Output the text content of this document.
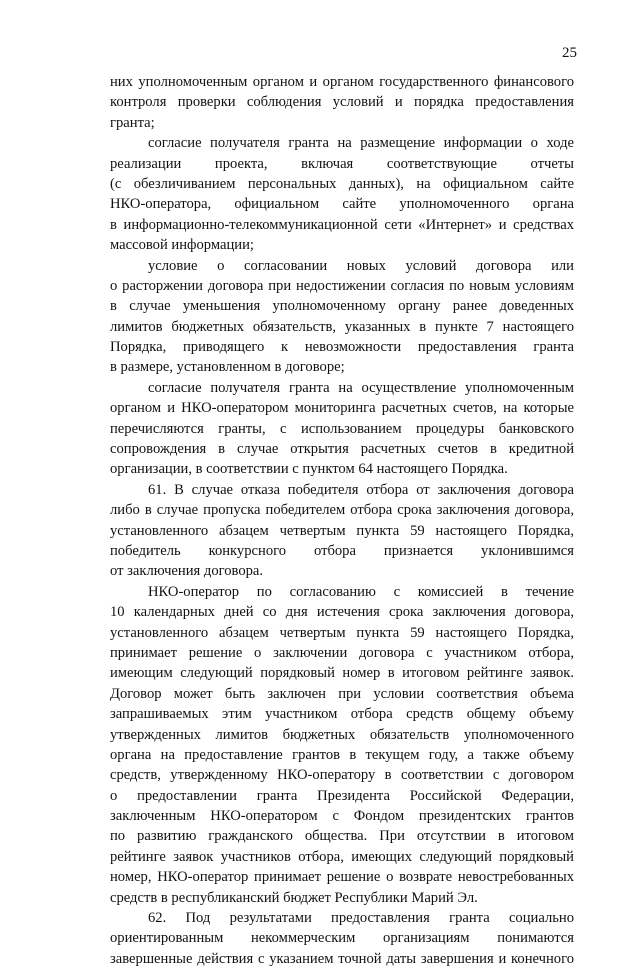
25
них уполномоченным органом и органом государственного финансового
контроля проверки соблюдения условий и порядка предоставления
гранта;
согласие получателя гранта на размещение информации о ходе
реализации проекта, включая соответствующие отчеты
(с обезличиванием персональных данных), на официальном сайте
НКО-оператора, официальном сайте уполномоченного органа
в информационно-телекоммуникационной сети «Интернет» и средствах
массовой информации;
условие о согласовании новых условий договора или
о расторжении договора при недостижении согласия по новым условиям
в случае уменьшения уполномоченному органу ранее доведенных
лимитов бюджетных обязательств, указанных в пункте 7 настоящего
Порядка, приводящего к невозможности предоставления гранта
в размере, установленном в договоре;
согласие получателя гранта на осуществление уполномоченным
органом и НКО-оператором мониторинга расчетных счетов, на которые
перечисляются гранты, с использованием процедуры банковского
сопровождения в случае открытия расчетных счетов в кредитной
организации, в соответствии с пунктом 64 настоящего Порядка.
61. В случае отказа победителя отбора от заключения договора
либо в случае пропуска победителем отбора срока заключения договора,
установленного абзацем четвертым пункта 59 настоящего Порядка,
победитель конкурсного отбора признается уклонившимся
от заключения договора.
НКО-оператор по согласованию с комиссией в течение
10 календарных дней со дня истечения срока заключения договора,
установленного абзацем четвертым пункта 59 настоящего Порядка,
принимает решение о заключении договора с участником отбора,
имеющим следующий порядковый номер в итоговом рейтинге заявок.
Договор может быть заключен при условии соответствия объема
запрашиваемых этим участником отбора средств общему объему
утвержденных лимитов бюджетных обязательств уполномоченного
органа на предоставление грантов в текущем году, а также объему
средств, утвержденному НКО-оператору в соответствии с договором
о предоставлении гранта Президента Российской Федерации,
заключенным НКО-оператором с Фондом президентских грантов
по развитию гражданского общества. При отсутствии в итоговом
рейтинге заявок участников отбора, имеющих следующий порядковый
номер, НКО-оператор принимает решение о возврате невостребованных
средств в республиканский бюджет Республики Марий Эл.
62. Под результатами предоставления гранта социально
ориентированным некоммерческим организациям понимаются
завершенные действия с указанием точной даты завершения и конечного
